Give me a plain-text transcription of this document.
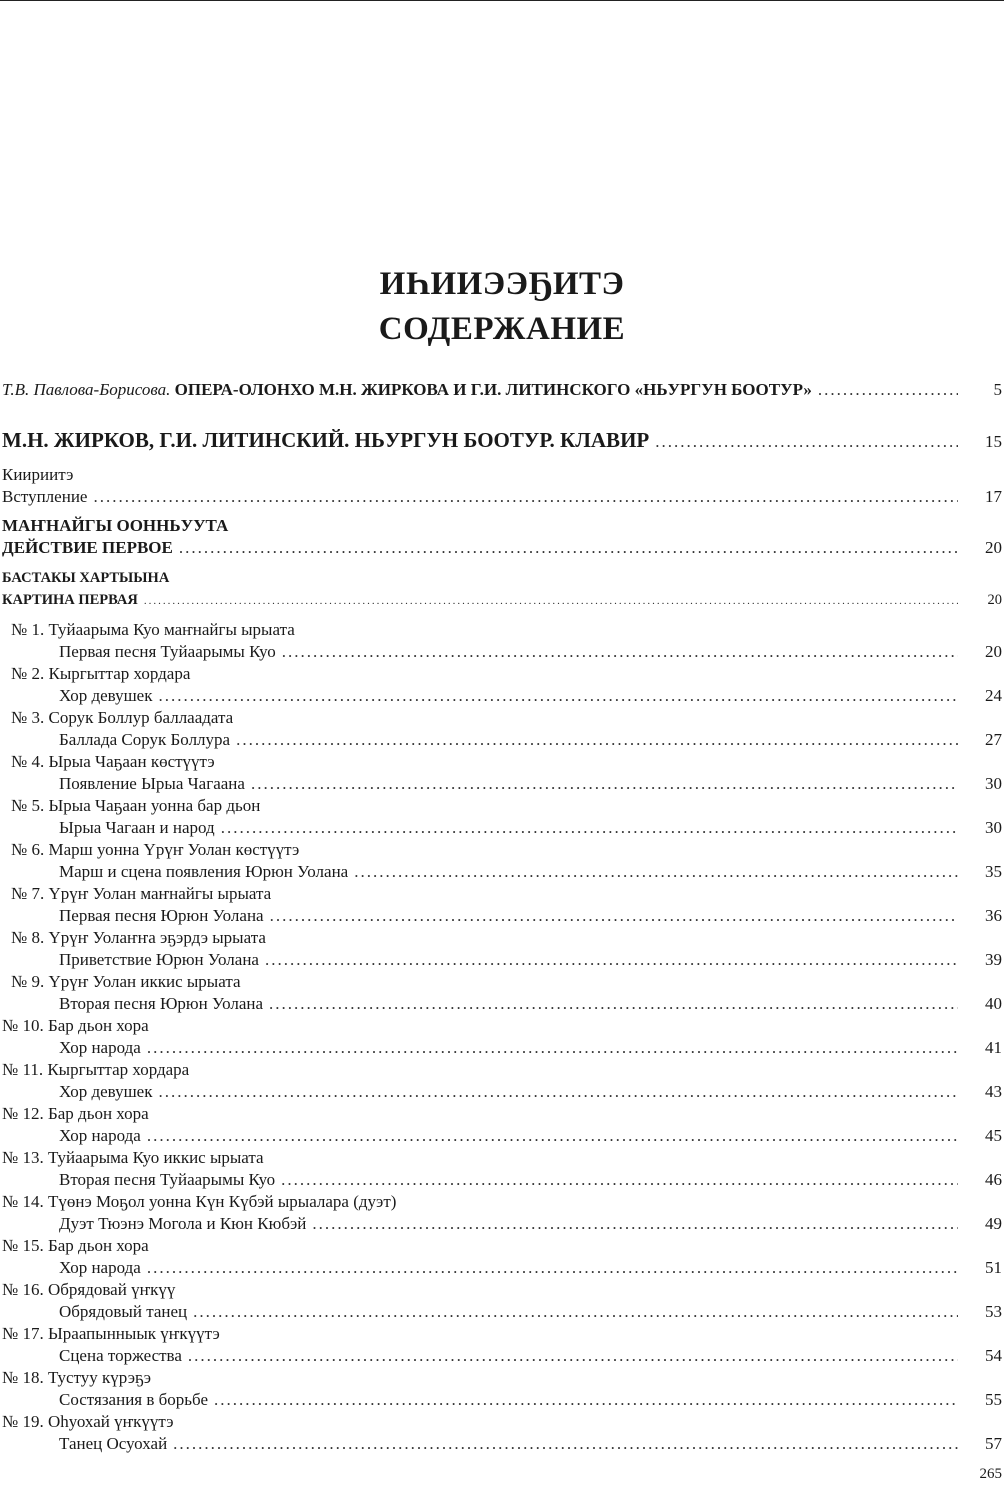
ИҺИИЭЭҔИТЭ
СОДЕРЖАНИЕ
Т.В. Павлова-Борисова. ОПЕРА-ОЛОНХО М.Н. ЖИРКОВА И Г.И. ЛИТИНСКОГО «НЬУРГУН БООТУР» .....	5
М.Н. ЖИРКОВ, Г.И. ЛИТИНСКИЙ. НЬУРГУН БООТУР. КЛАВИР .....	15
Киириитэ
Вступление .....	17
МАҤНАЙГЫ ООННЬУУТА
ДЕЙСТВИЕ ПЕРВОЕ .....	20
БАСТАКЫ ХАРТЫЫНА
КАРТИНА ПЕРВАЯ .....	20
№ 1. Туйаарыма Куо маҥнайгы ырыата
Первая песня Туйаарымы Куо .....	20
№ 2. Кыргыттар хордара
Хор девушек .....	24
№ 3. Сорук Боллур баллаадата
Баллада Сорук Боллура .....	27
№ 4. Ырыа Чаҕаан көстүүтэ
Появление Ырыа Чагаана .....	30
№ 5. Ырыа Чаҕаан уонна бар дьон
Ырыа Чагаан и народ .....	30
№ 6. Марш уонна Үрүҥ Уолан көстүүтэ
Марш и сцена появления Юрюн Уолана .....	35
№ 7. Үрүҥ Уолан маҥнайгы ырыата
Первая песня Юрюн Уолана .....	36
№ 8. Үрүҥ Уолаҥҥа эҕэрдэ ырыата
Приветствие Юрюн Уолана .....	39
№ 9. Үрүҥ Уолан иккис ырыата
Вторая песня Юрюн Уолана .....	40
№ 10. Бар дьон хора
Хор народа .....	41
№ 11. Кыргыттар хордара
Хор девушек .....	43
№ 12. Бар дьон хора
Хор народа .....	45
№ 13. Туйаарыма Куо иккис ырыата
Вторая песня Туйаарымы Куо .....	46
№ 14. Түөнэ Моҕол уонна Күн Күбэй ырыалара (дуэт)
Дуэт Тюэнэ Могола и Кюн Кюбэй .....	49
№ 15. Бар дьон хора
Хор народа .....	51
№ 16. Обрядовай үҥкүү
Обрядовый танец .....	53
№ 17. Ыраапынныык үҥкүүтэ
Сцена торжества .....	54
№ 18. Тустуу күрэҕэ
Состязания в борьбе .....	55
№ 19. Оhуохай үҥкүүтэ
Танец Осуохай .....	57
265
